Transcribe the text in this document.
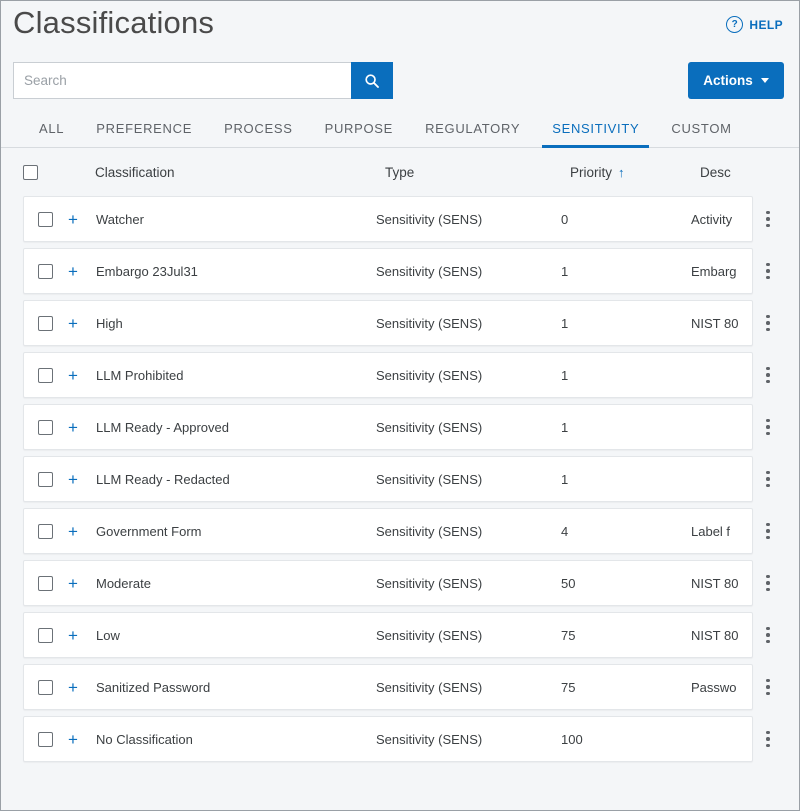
Classifications	? HELP
Search
Actions
ALL	PREFERENCE	PROCESS	PURPOSE	REGULATORY	SENSITIVITY	CUSTOM
Classification	Type	Priority ↑	Desc
+	Watcher	Sensitivity (SENS)	0	Activity
+	Embargo 23Jul31	Sensitivity (SENS)	1	Embarg
+	High	Sensitivity (SENS)	1	NIST 80
+	LLM Prohibited	Sensitivity (SENS)	1
+	LLM Ready - Approved	Sensitivity (SENS)	1
+	LLM Ready - Redacted	Sensitivity (SENS)	1
+	Government Form	Sensitivity (SENS)	4	Label f
+	Moderate	Sensitivity (SENS)	50	NIST 80
+	Low	Sensitivity (SENS)	75	NIST 80
+	Sanitized Password	Sensitivity (SENS)	75	Passwo
+	No Classification	Sensitivity (SENS)	100
